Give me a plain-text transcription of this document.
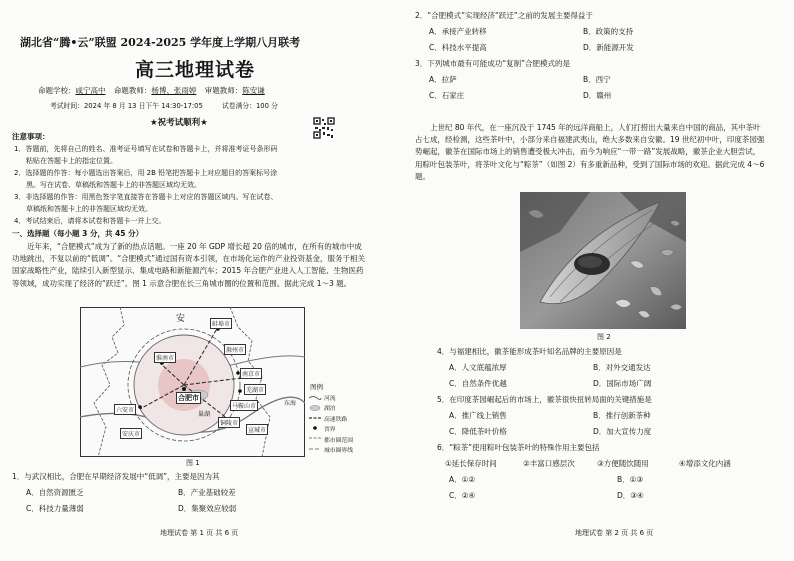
湖北省“腾•云”联盟 2024-2025 学年度上学期八月联考
高三地理试卷
命题学校：咸宁高中 命题教师：杨博、张雨婷 审题教师：陈安谦
考试时间：2024 年 8 月 13 日下午 14:30-17:05	试卷满分：100 分
★祝考试顺利★
注意事项：
1．答题前，先将自己的姓名、准考证号填写在试卷和答题卡上，并将准考证号条形码
粘贴在答题卡上的指定位置。
2．选择题的作答：每小题选出答案后，用 2B 铅笔把答题卡上对应题目的答案标号涂
黑。写在试卷、草稿纸和答题卡上的非答题区域均无效。
3．非选择题的作答：用黑色签字笔直接答在答题卡上对应的答题区域内。写在试卷、
草稿纸和答题卡上的非答题区域均无效。
4．考试结束后，请将本试卷和答题卡一并上交。
一、选择题（每小题 3 分，共 45 分）
近年来，“合肥模式”成为了新的热点话题。一座 20 年 GDP 增长超 20 倍的城市，在所有的城市中成功地跳出，不复以前的“低调”。“合肥模式”通过国有资本引领，在市场化运作的产业投资基金，服务于相关国家战略性产业，陆续引入新型显示、集成电路和新能源汽车；2015 年合肥产业进入人工智能、生物医药等领域，成功实现了经济的“跃迁”。图 1 示意合肥在长三角城市圈的位置和范围。据此完成 1～3 题。
安
蚌埠市
淮南市
滁州市
南京市
合肥市
芜湖市
马鞍山市
六安市
巢湖
铜陵市
安庆市
宣城市
东海
图例
河流
湖泊
高速铁路
省界
都市圈范围
城市圈界线
图 1
1．与武汉相比，合肥在早期经济发展中“低调”，主要是因为其
A．自然资源匮乏	B．产业基础较差
C．科技力量薄弱	D．集聚效应较弱
地理试卷 第 1 页 共 6 页
2．“合肥模式”实现经济“跃迁”之前的发展主要得益于
A．承接产业转移	B．政策的支持
C．科技水平提高	D．新能源开发
3．下列城市最有可能成功“复制”合肥模式的是
A．拉萨	B．西宁
C．石家庄	D．赣州
上世纪 80 年代，在一座沉没于 1745 年的远洋商船上，人们打捞出大量来自中国的商品，其中茶叶占七成，经检测，这些茶叶中，小部分来自福建武夷山，绝大多数来自安徽。19 世纪初中叶，印度茶园强势崛起，徽茶在国际市场上的销售遭受极大冲击，而今为响应“一带一路”发展战略，徽茶企业大胆尝试，用粽叶包装茶叶，将茶叶文化与“粽茶”（如图 2）有多重新品种，受到了国际市场的欢迎。据此完成 4～6 题。
图 2
4．与福建相比，徽茶能形成茶叶知名品牌的主要原因是
A．人文底蕴浓厚	B．对外交通发达
C．自然条件优越	D．国际市场广阔
5．在印度茶园崛起后的市场上，徽茶很快扭转局面的关键措施是
A．推广线上销售	B．推行创新茶种
C．降低茶叶价格	D．加大宣传力度
6．“粽茶”使用粽叶包装茶叶的特殊作用主要包括
①延长保存时间	②丰富口感层次	③方便随饮随用	④增添文化内涵
A．①②	B．①③
C．②④	D．③④
地理试卷 第 2 页 共 6 页
